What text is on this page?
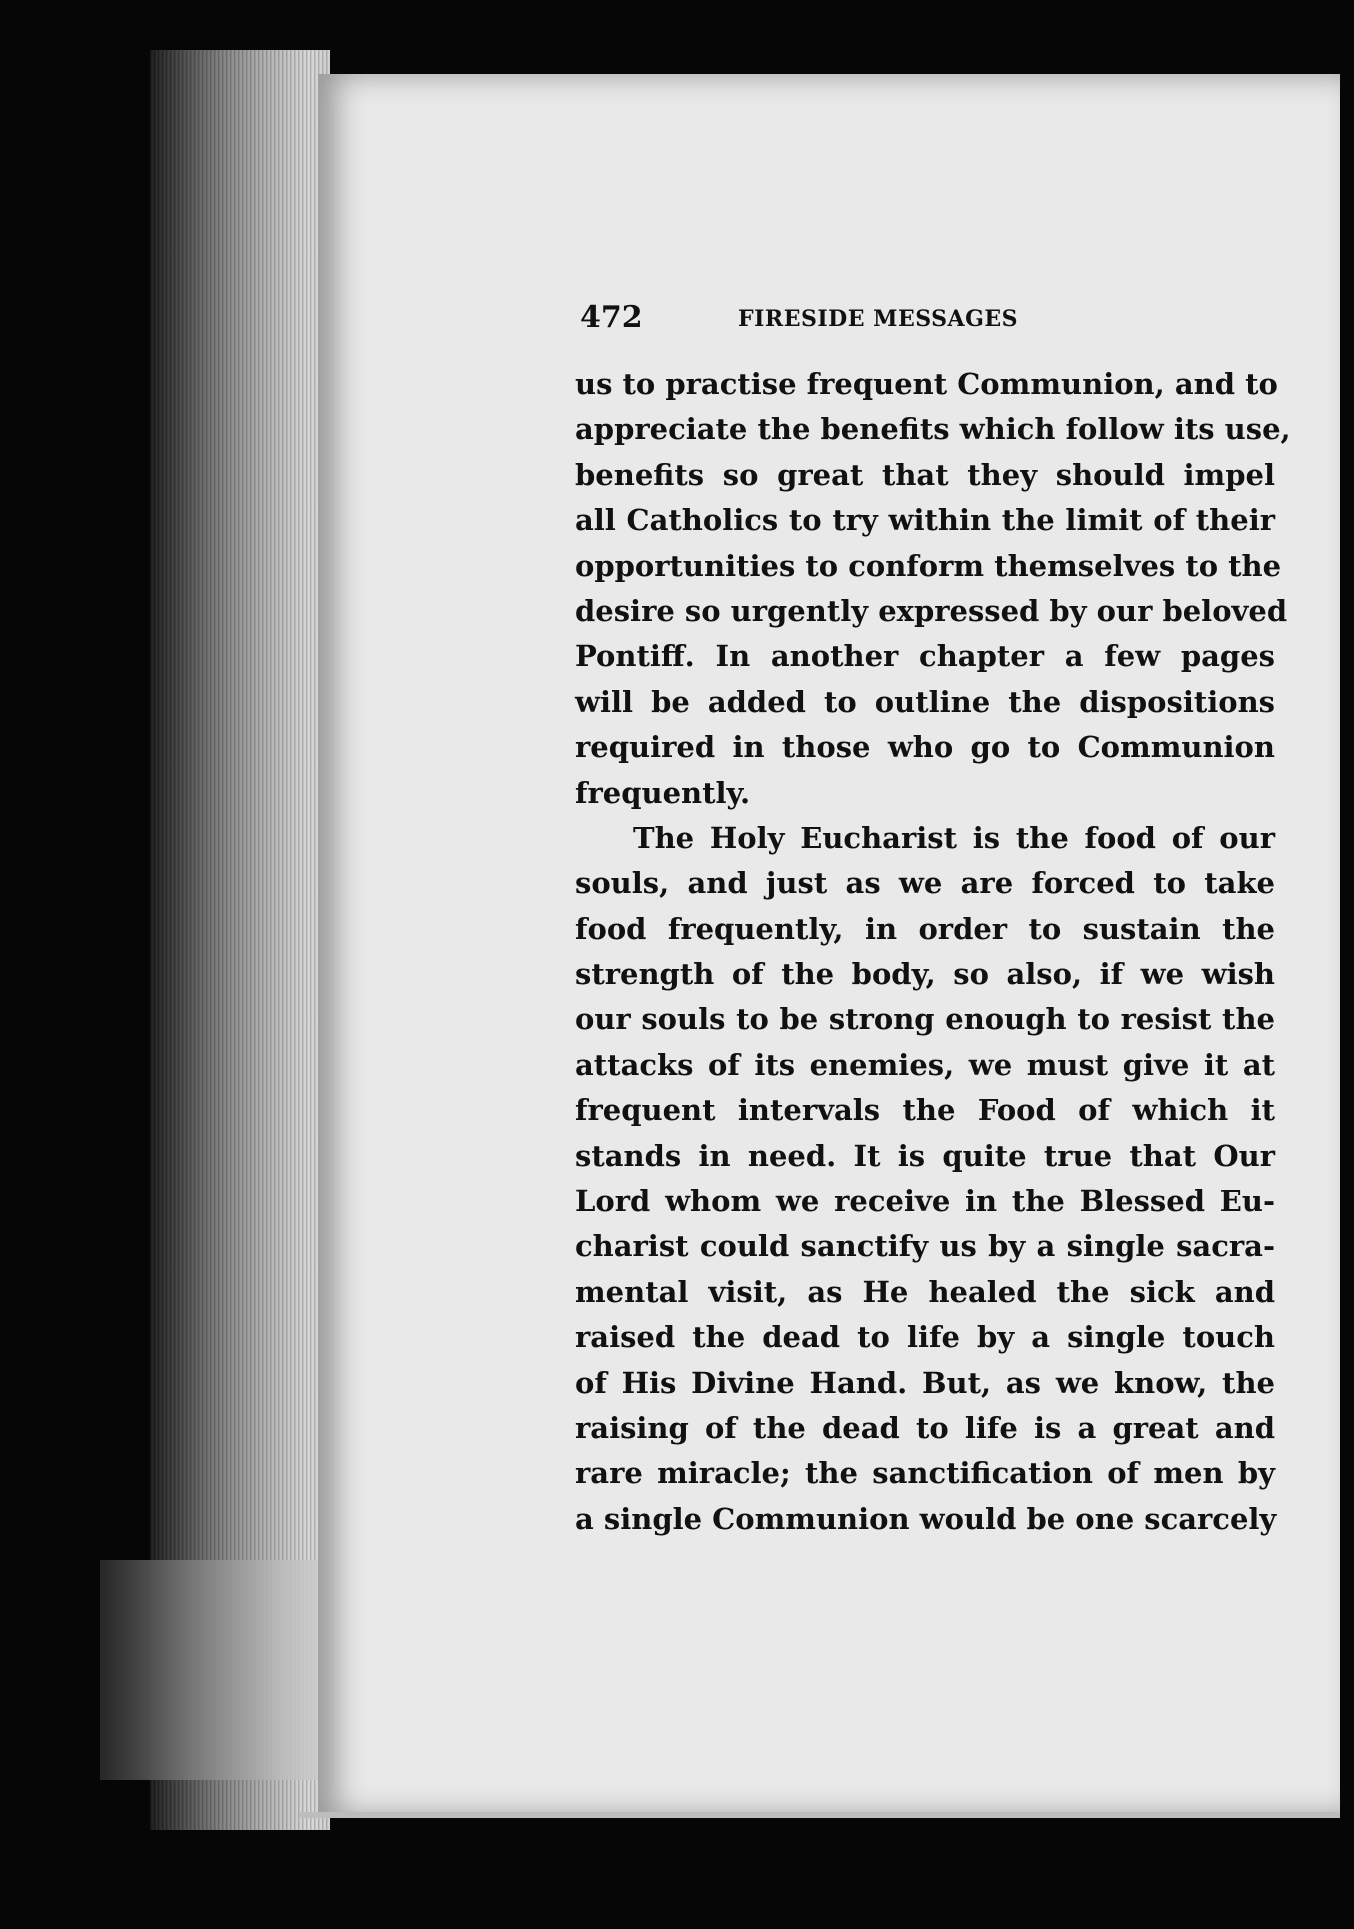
472	FIRESIDE MESSAGES
us to practise frequent Communion, and to
appreciate the benefits which follow its use,
benefits so great that they should impel
all Catholics to try within the limit of their
opportunities to conform themselves to the
desire so urgently expressed by our beloved
Pontiff. In another chapter a few pages
will be added to outline the dispositions
required in those who go to Communion
frequently.
The Holy Eucharist is the food of our
souls, and just as we are forced to take
food frequently, in order to sustain the
strength of the body, so also, if we wish
our souls to be strong enough to resist the
attacks of its enemies, we must give it at
frequent intervals the Food of which it
stands in need. It is quite true that Our
Lord whom we receive in the Blessed Eu-
charist could sanctify us by a single sacra-
mental visit, as He healed the sick and
raised the dead to life by a single touch
of His Divine Hand. But, as we know, the
raising of the dead to life is a great and
rare miracle; the sanctification of men by
a single Communion would be one scarcely
